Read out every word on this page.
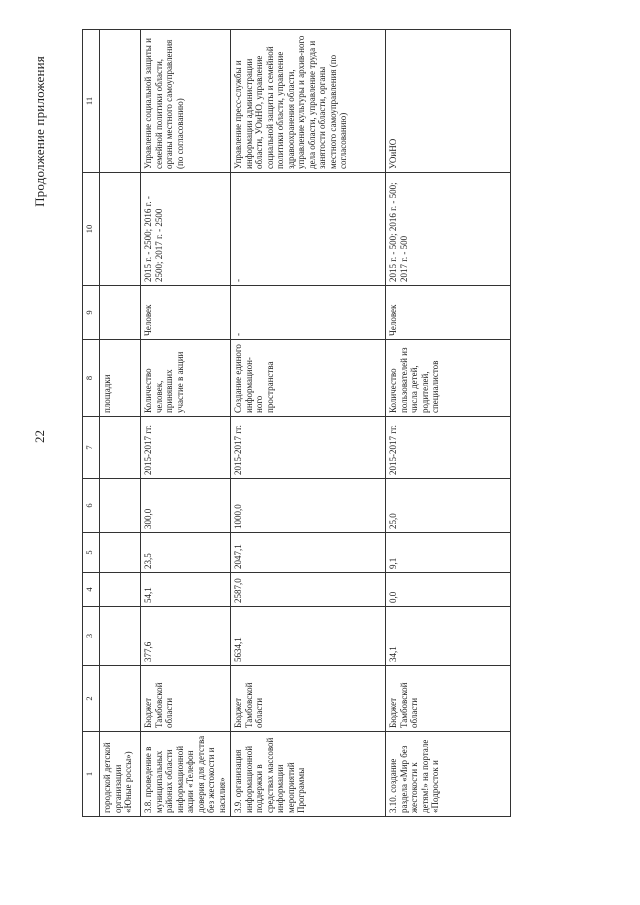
22
Продолжение приложения
1	2	3	4	5	6	7	8	9	10	11
городской детской организации «Юные россы»)							площадки			
3.8. проведение в муниципальных районах области информационной акции «Телефон доверия для детства без жестокости и насилия»	Бюджет Тамбовской области	377,6	54,1	23,5	300,0	2015-2017 гг.	Количество человек, принявших участие в акции	Человек	2015 г. - 2500; 2016 г. - 2500; 2017 г. - 2500	Управление социальной защиты и семейной политики области, органы местного самоуправления (по согласованию)
3.9. организация информационной поддержки в средствах массовой информации мероприятий Программы	Бюджет Тамбовской области	5634,1	2587,0	2047,1	1000,0	2015-2017 гг.	Создание единого информацион-ного пространства	-	-	Управление пресс-службы и информации администрации области, УОиНО, управление социальной защиты и семейной политики области, управление здравоохранения области, управление культуры и архив-ного дела области, управление труда и занятости области, органы местного самоуправления (по согласованию)
3.10. создание раздела «Мир без жестокости к детям!» на портале «Подросток и	Бюджет Тамбовской области	34,1	0,0	9,1	25,0	2015-2017 гг.	Количество пользователей из числа детей, родителей, специалистов	Человек	2015 г. - 500; 2016 г. - 500; 2017 г. - 500	УОиНО
